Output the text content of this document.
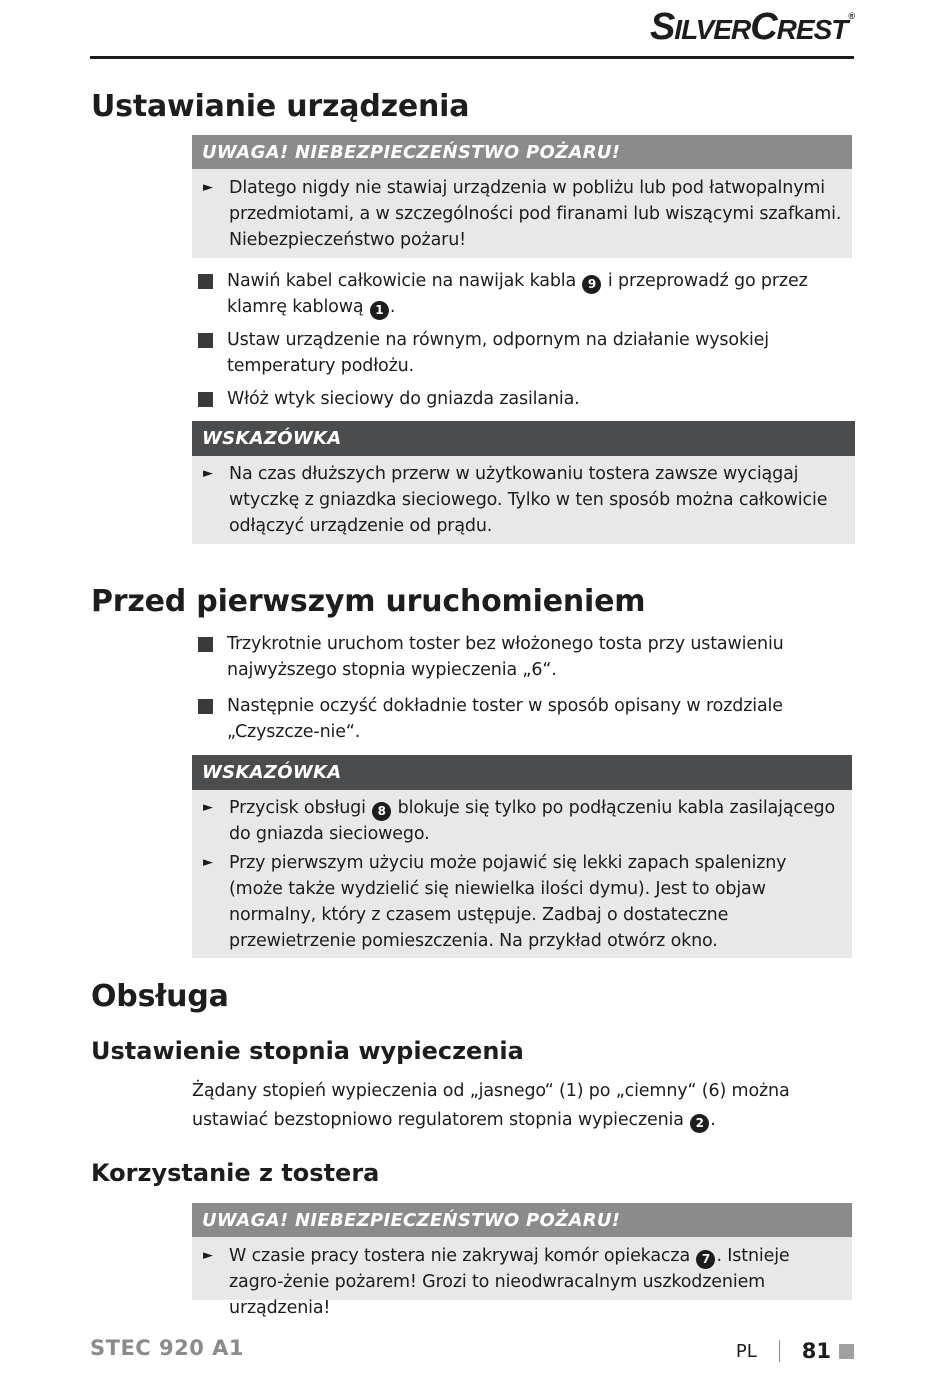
SILVERCREST®
Ustawianie urządzenia
UWAGA! NIEBEZPIECZEŃSTWO POŻARU!
► Dlatego nigdy nie stawiaj urządzenia w pobliżu lub pod łatwopalnymi przedmiotami, a w szczególności pod firanami lub wiszącymi szafkami. Niebezpieczeństwo pożaru!
Nawiń kabel całkowicie na nawijak kabla 9 i przeprowadź go przez klamrę kablową 1 .
Ustaw urządzenie na równym, odpornym na działanie wysokiej temperatury podłożu.
Włóż wtyk sieciowy do gniazda zasilania.
WSKAZÓWKA
► Na czas dłuższych przerw w użytkowaniu tostera zawsze wyciągaj wtyczkę z gniazdka sieciowego. Tylko w ten sposób można całkowicie odłączyć urządzenie od prądu.
Przed pierwszym uruchomieniem
Trzykrotnie uruchom toster bez włożonego tosta przy ustawieniu najwyższego stopnia wypieczenia „6“.
Następnie oczyść dokładnie toster w sposób opisany w rozdziale „Czyszcze-nie“.
WSKAZÓWKA
► Przycisk obsługi 8 blokuje się tylko po podłączeniu kabla zasilającego do gniazda sieciowego.
► Przy pierwszym użyciu może pojawić się lekki zapach spalenizny (może także wydzielić się niewielka ilości dymu). Jest to objaw normalny, który z czasem ustępuje. Zadbaj o dostateczne przewietrzenie pomieszczenia. Na przykład otwórz okno.
Obsługa
Ustawienie stopnia wypieczenia
Żądany stopień wypieczenia od „jasnego“ (1) po „ciemny“ (6) można ustawiać bezstopniowo regulatorem stopnia wypieczenia 2 .
Korzystanie z tostera
UWAGA! NIEBEZPIECZEŃSTWO POŻARU!
► W czasie pracy tostera nie zakrywaj komór opiekacza 7 . Istnieje zagro-żenie pożarem! Grozi to nieodwracalnym uszkodzeniem urządzenia!
STEC 920 A1	PL 81
